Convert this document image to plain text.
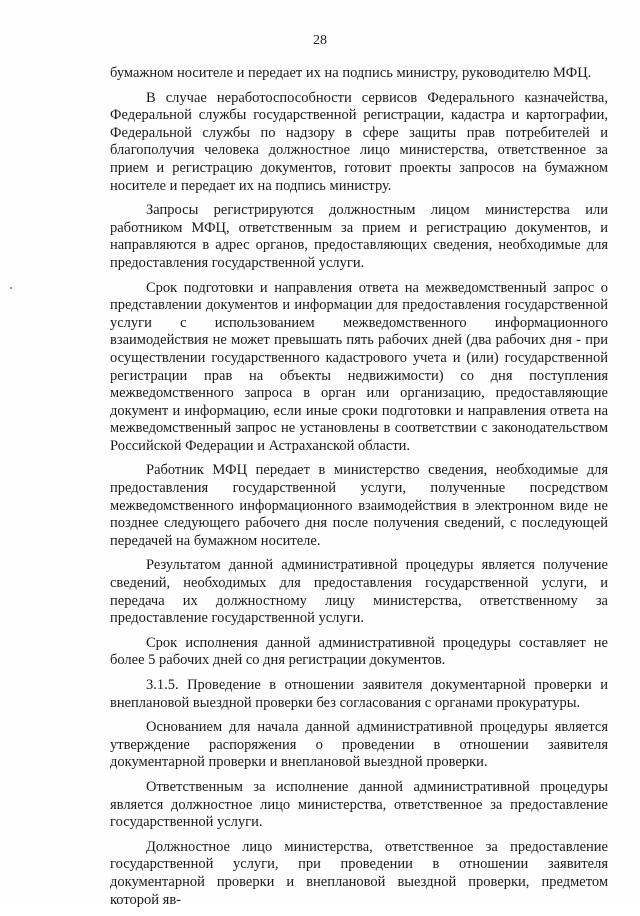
28

бумажном носителе и передает их на подпись министру, руководителю МФЦ.

В случае неработоспособности сервисов Федерального казначейства, Федеральной службы государственной регистрации, кадастра и картографии, Федеральной службы по надзору в сфере защиты прав потребителей и благополучия человека должностное лицо министерства, ответственное за прием и регистрацию документов, готовит проекты запросов на бумажном носителе и передает их на подпись министру.

Запросы регистрируются должностным лицом министерства или работником МФЦ, ответственным за прием и регистрацию документов, и направляются в адрес органов, предоставляющих сведения, необходимые для предоставления государственной услуги.

Срок подготовки и направления ответа на межведомственный запрос о представлении документов и информации для предоставления государственной услуги с использованием межведомственного информационного взаимодействия не может превышать пять рабочих дней (два рабочих дня - при осуществлении государственного кадастрового учета и (или) государственной регистрации прав на объекты недвижимости) со дня поступления межведомственного запроса в орган или организацию, предоставляющие документ и информацию, если иные сроки подготовки и направления ответа на межведомственный запрос не установлены в соответствии с законодательством Российской Федерации и Астраханской области.

Работник МФЦ передает в министерство сведения, необходимые для предоставления государственной услуги, полученные посредством межведомственного информационного взаимодействия в электронном виде не позднее следующего рабочего дня после получения сведений, с последующей передачей на бумажном носителе.

Результатом данной административной процедуры является получение сведений, необходимых для предоставления государственной услуги, и передача их должностному лицу министерства, ответственному за предоставление государственной услуги.

Срок исполнения данной административной процедуры составляет не более 5 рабочих дней со дня регистрации документов.

3.1.5. Проведение в отношении заявителя документарной проверки и внеплановой выездной проверки без согласования с органами прокуратуры.

Основанием для начала данной административной процедуры является утверждение распоряжения о проведении в отношении заявителя документарной проверки и внеплановой выездной проверки.

Ответственным за исполнение данной административной процедуры является должностное лицо министерства, ответственное за предоставление государственной услуги.

Должностное лицо министерства, ответственное за предоставление государственной услуги, при проведении в отношении заявителя документарной проверки и внеплановой выездной проверки, предметом которой яв-
